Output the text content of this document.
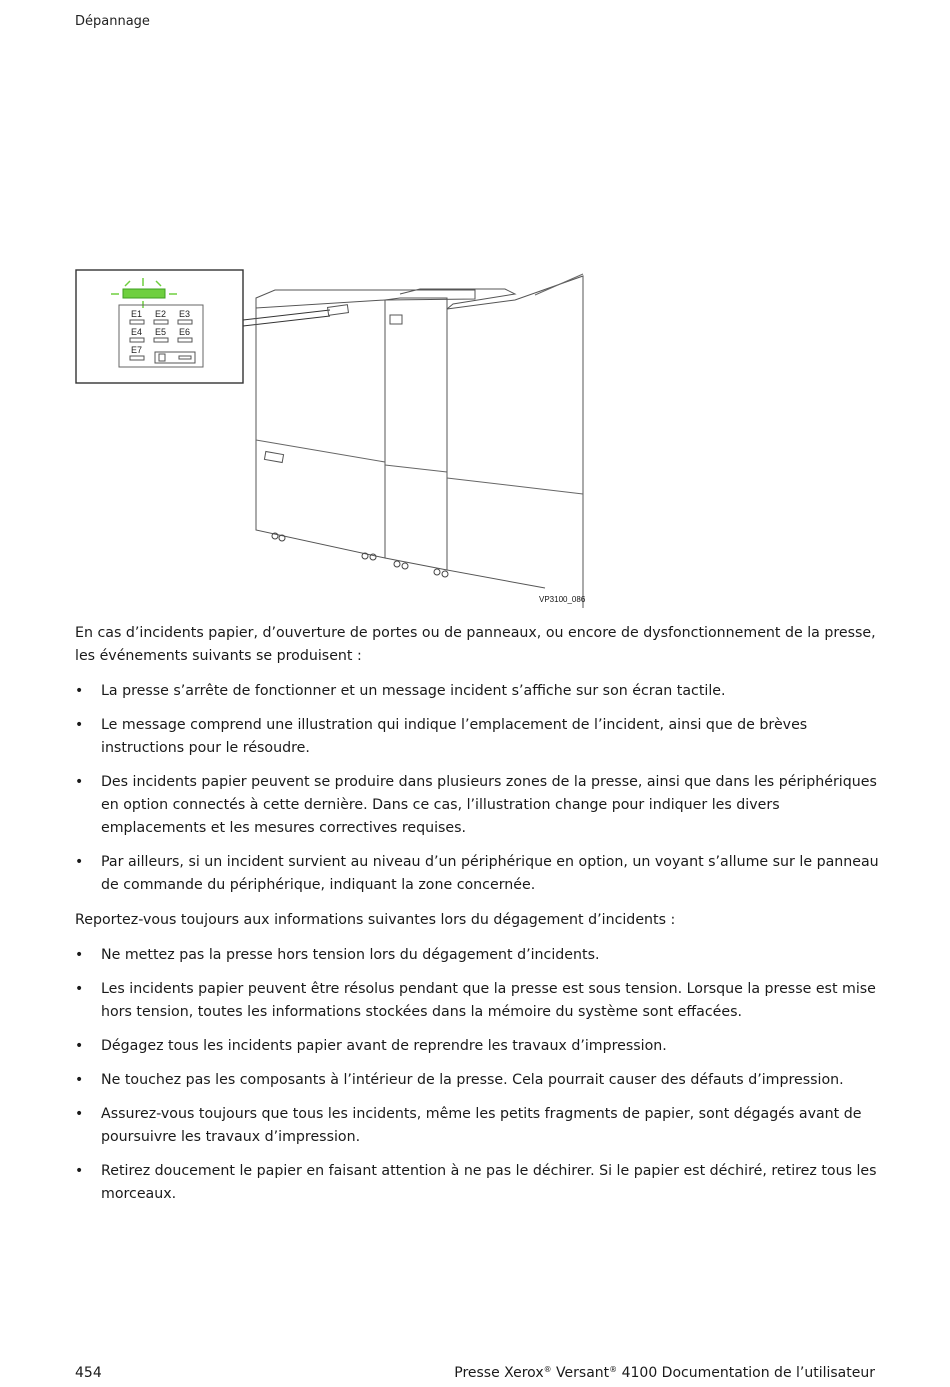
Dépannage
E1 E2 E3
E4 E5 E6
E7
VP3100_086

En cas d’incidents papier, d’ouverture de portes ou de panneaux, ou encore de dysfonctionnement de la presse, les événements suivants se produisent :

• La presse s’arrête de fonctionner et un message incident s’affiche sur son écran tactile.
• Le message comprend une illustration qui indique l’emplacement de l’incident, ainsi que de brèves instructions pour le résoudre.
• Des incidents papier peuvent se produire dans plusieurs zones de la presse, ainsi que dans les périphériques en option connectés à cette dernière. Dans ce cas, l’illustration change pour indiquer les divers emplacements et les mesures correctives requises.
• Par ailleurs, si un incident survient au niveau d’un périphérique en option, un voyant s’allume sur le panneau de commande du périphérique, indiquant la zone concernée.

Reportez-vous toujours aux informations suivantes lors du dégagement d’incidents :

• Ne mettez pas la presse hors tension lors du dégagement d’incidents.
• Les incidents papier peuvent être résolus pendant que la presse est sous tension. Lorsque la presse est mise hors tension, toutes les informations stockées dans la mémoire du système sont effacées.
• Dégagez tous les incidents papier avant de reprendre les travaux d’impression.
• Ne touchez pas les composants à l’intérieur de la presse. Cela pourrait causer des défauts d’impression.
• Assurez-vous toujours que tous les incidents, même les petits fragments de papier, sont dégagés avant de poursuivre les travaux d’impression.
• Retirez doucement le papier en faisant attention à ne pas le déchirer. Si le papier est déchiré, retirez tous les morceaux.
454	Presse Xerox® Versant® 4100 Documentation de l’utilisateur
